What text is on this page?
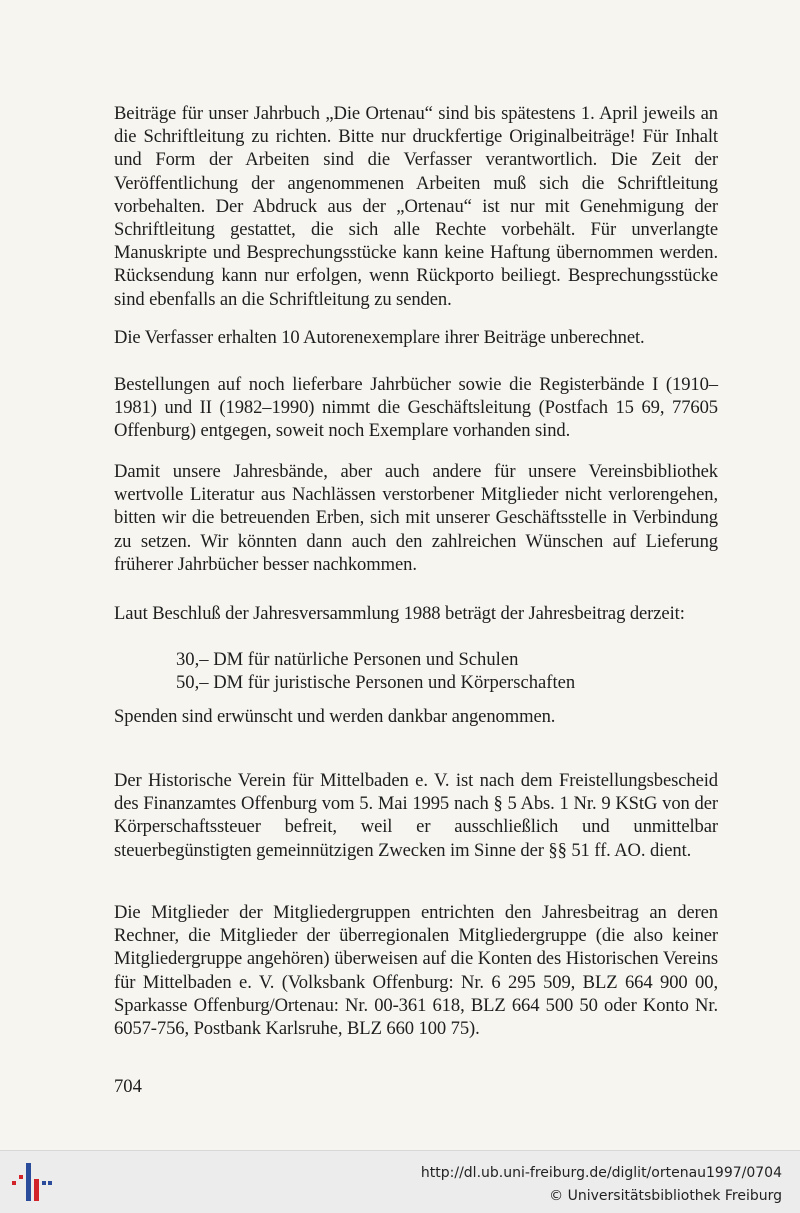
Beiträge für unser Jahrbuch „Die Ortenau“ sind bis spätestens 1. April jeweils an die Schriftleitung zu richten. Bitte nur druckfertige Originalbeiträge! Für Inhalt und Form der Arbeiten sind die Verfasser verantwortlich. Die Zeit der Veröffentlichung der angenommenen Arbeiten muß sich die Schriftleitung vorbehalten. Der Abdruck aus der „Ortenau“ ist nur mit Genehmigung der Schriftleitung gestattet, die sich alle Rechte vorbehält. Für unverlangte Manuskripte und Besprechungsstücke kann keine Haftung übernommen werden. Rücksendung kann nur erfolgen, wenn Rückporto beiliegt. Besprechungsstücke sind ebenfalls an die Schriftleitung zu senden.

Die Verfasser erhalten 10 Autorenexemplare ihrer Beiträge unberechnet.

Bestellungen auf noch lieferbare Jahrbücher sowie die Registerbände I (1910–1981) und II (1982–1990) nimmt die Geschäftsleitung (Postfach 15 69, 77605 Offenburg) entgegen, soweit noch Exemplare vorhanden sind.

Damit unsere Jahresbände, aber auch andere für unsere Vereinsbibliothek wertvolle Literatur aus Nachlässen verstorbener Mitglieder nicht verlorengehen, bitten wir die betreuenden Erben, sich mit unserer Geschäftsstelle in Verbindung zu setzen. Wir könnten dann auch den zahlreichen Wünschen auf Lieferung früherer Jahrbücher besser nachkommen.

Laut Beschluß der Jahresversammlung 1988 beträgt der Jahresbeitrag derzeit:

30,– DM für natürliche Personen und Schulen
50,– DM für juristische Personen und Körperschaften

Spenden sind erwünscht und werden dankbar angenommen.

Der Historische Verein für Mittelbaden e. V. ist nach dem Freistellungsbescheid des Finanzamtes Offenburg vom 5. Mai 1995 nach § 5 Abs. 1 Nr. 9 KStG von der Körperschaftssteuer befreit, weil er ausschließlich und unmittelbar steuerbegünstigten gemeinnützigen Zwecken im Sinne der §§ 51 ff. AO. dient.

Die Mitglieder der Mitgliedergruppen entrichten den Jahresbeitrag an deren Rechner, die Mitglieder der überregionalen Mitgliedergruppe (die also keiner Mitgliedergruppe angehören) überweisen auf die Konten des Historischen Vereins für Mittelbaden e. V. (Volksbank Offenburg: Nr. 6 295 509, BLZ 664 900 00, Sparkasse Offenburg/Ortenau: Nr. 00-361 618, BLZ 664 500 50 oder Konto Nr. 6057-756, Postbank Karlsruhe, BLZ 660 100 75).

704
http://dl.ub.uni-freiburg.de/diglit/ortenau1997/0704
© Universitätsbibliothek Freiburg
